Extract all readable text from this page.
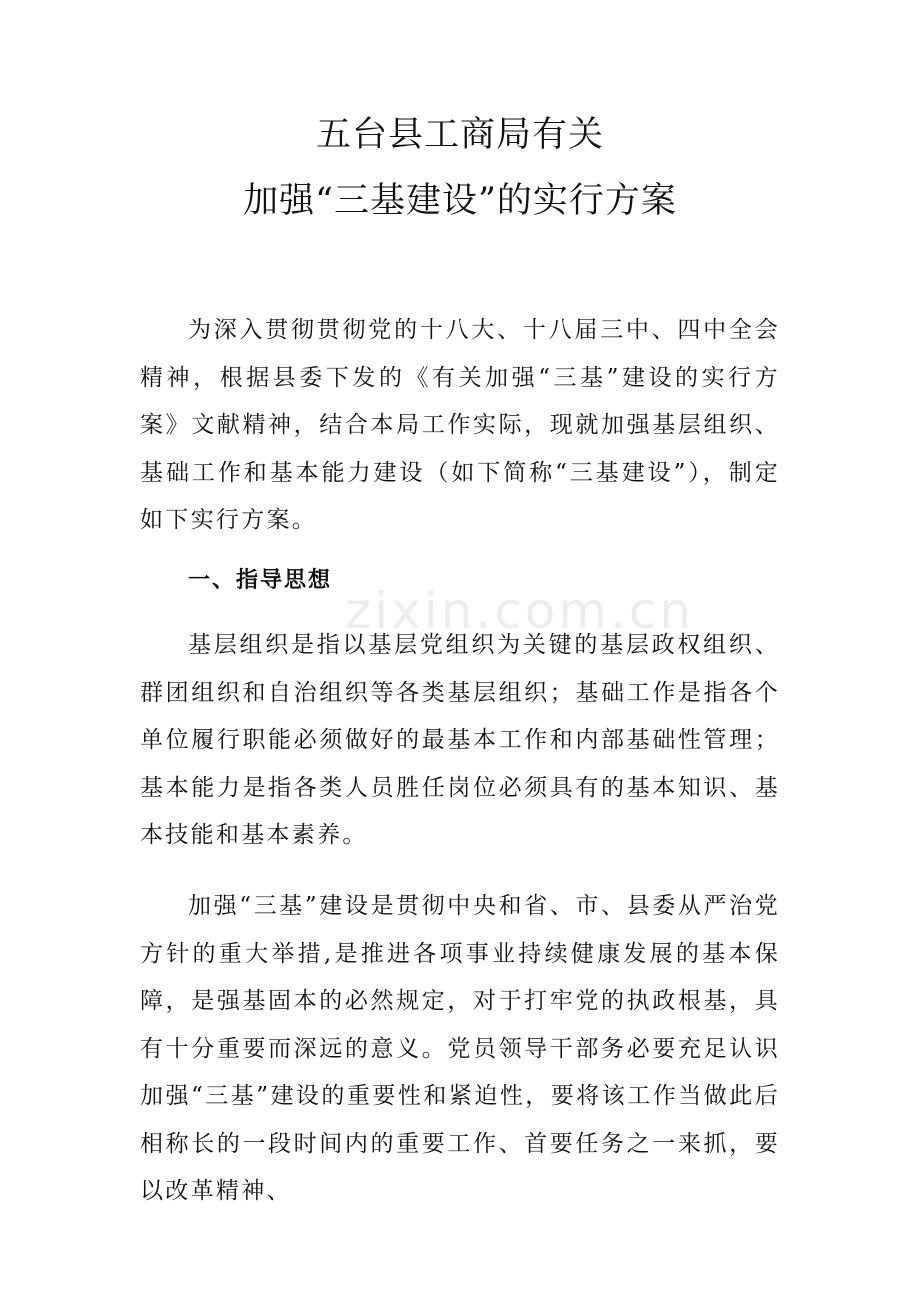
zixin.com.cn
五台县工商局有关
加强“三基建设”的实行方案

为深入贯彻贯彻党的十八大、十八届三中、四中全会精神，根据县委下发的《有关加强“三基”建设的实行方案》文献精神，结合本局工作实际，现就加强基层组织、基础工作和基本能力建设（如下简称“三基建设”），制定如下实行方案。

一、指导思想

基层组织是指以基层党组织为关键的基层政权组织、群团组织和自治组织等各类基层组织；基础工作是指各个单位履行职能必须做好的最基本工作和内部基础性管理；基本能力是指各类人员胜任岗位必须具有的基本知识、基本技能和基本素养。

加强“三基”建设是贯彻中央和省、市、县委从严治党方针的重大举措,是推进各项事业持续健康发展的基本保障，是强基固本的必然规定，对于打牢党的执政根基，具有十分重要而深远的意义。党员领导干部务必要充足认识加强“三基”建设的重要性和紧迫性，要将该工作当做此后相称长的一段时间内的重要工作、首要任务之一来抓，要以改革精神、
